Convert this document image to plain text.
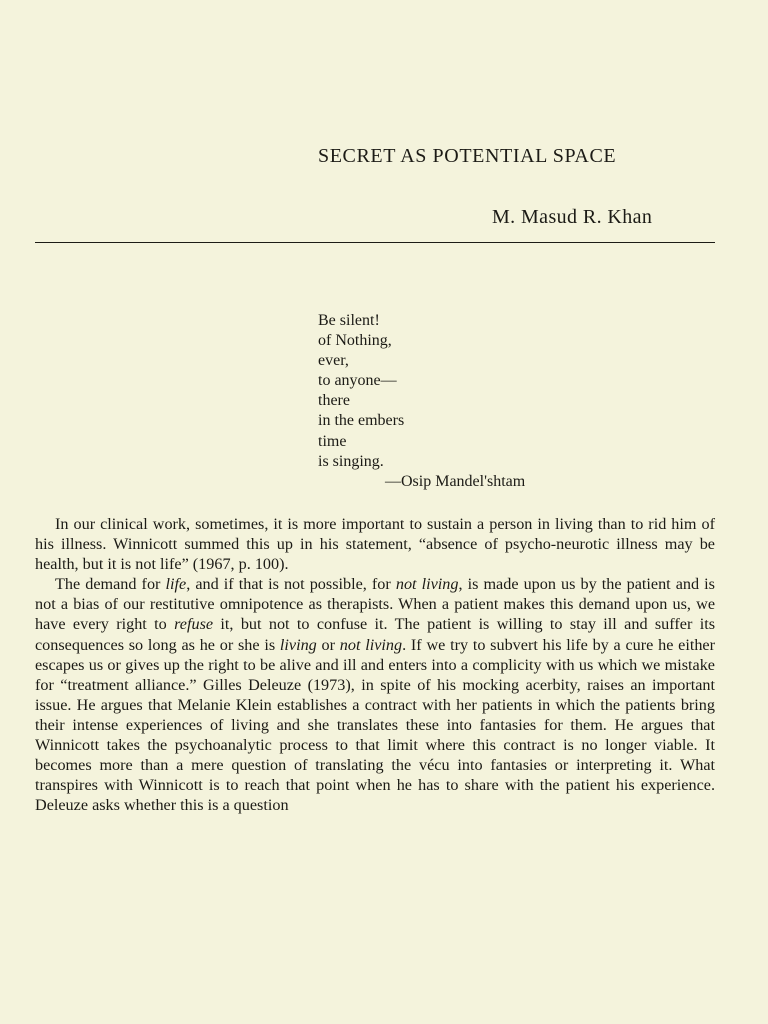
SECRET AS POTENTIAL SPACE
M. Masud R. Khan
Be silent!
of Nothing,
ever,
to anyone—
there
in the embers
time
is singing.
—Osip Mandel'shtam

In our clinical work, sometimes, it is more important to sustain a person in living than to rid him of his illness. Winnicott summed this up in his statement, “absence of psycho-neurotic illness may be health, but it is not life” (1967, p. 100).

The demand for life, and if that is not possible, for not living, is made upon us by the patient and is not a bias of our restitutive omnipotence as therapists. When a patient makes this demand upon us, we have every right to refuse it, but not to confuse it. The patient is willing to stay ill and suffer its consequences so long as he or she is living or not living. If we try to subvert his life by a cure he either escapes us or gives up the right to be alive and ill and enters into a complicity with us which we mistake for “treatment alliance.” Gilles Deleuze (1973), in spite of his mocking acerbity, raises an important issue. He argues that Melanie Klein establishes a contract with her patients in which the patients bring their intense experiences of living and she translates these into fantasies for them. He argues that Winnicott takes the psychoanalytic process to that limit where this contract is no longer viable. It becomes more than a mere question of translating the vécu into fantasies or interpreting it. What transpires with Winnicott is to reach that point when he has to share with the patient his experience. Deleuze asks whether this is a question
